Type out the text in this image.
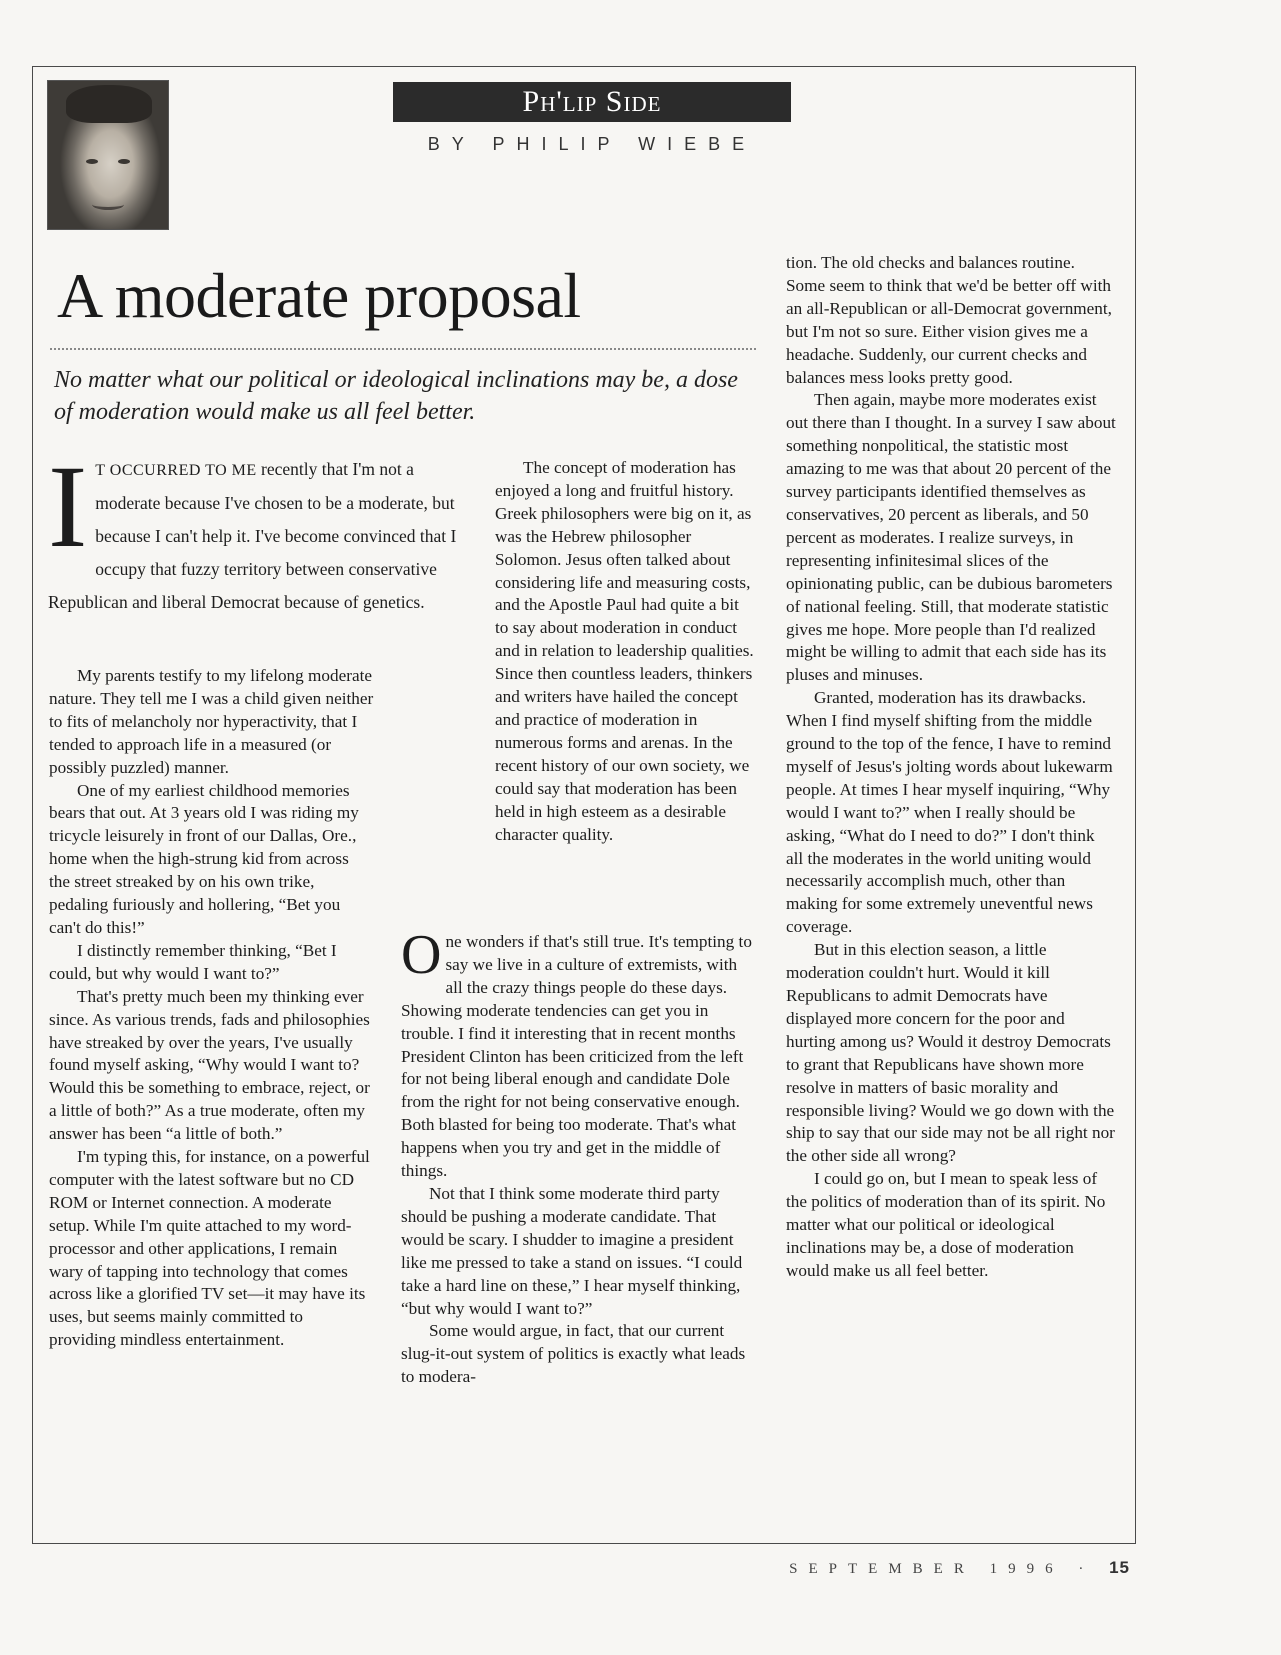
Ph'lip Side
BY PHILIP WIEBE
A moderate proposal
No matter what our political or ideological inclinations may be, a dose of moderation would make us all feel better.
I T OCCURRED TO ME recently that I'm not a moderate because I've chosen to be a moderate, but because I can't help it. I've become convinced that I occupy that fuzzy territory between conservative Republican and liberal Democrat because of genetics.

My parents testify to my lifelong moderate nature. They tell me I was a child given neither to fits of melancholy nor hyperactivity, that I tended to approach life in a measured (or possibly puzzled) manner.

One of my earliest childhood memories bears that out. At 3 years old I was riding my tricycle leisurely in front of our Dallas, Ore., home when the high-strung kid from across the street streaked by on his own trike, pedaling furiously and hollering, “Bet you can't do this!”

I distinctly remember thinking, “Bet I could, but why would I want to?”

That's pretty much been my thinking ever since. As various trends, fads and philosophies have streaked by over the years, I've usually found myself asking, “Why would I want to? Would this be something to embrace, reject, or a little of both?” As a true moderate, often my answer has been “a little of both.”

I'm typing this, for instance, on a powerful computer with the latest software but no CD ROM or Internet connection. A moderate setup. While I'm quite attached to my word-processor and other applications, I remain wary of tapping into technology that comes across like a glorified TV set—it may have its uses, but seems mainly committed to providing mindless entertainment.

The concept of moderation has enjoyed a long and fruitful history. Greek philosophers were big on it, as was the Hebrew philosopher Solomon. Jesus often talked about considering life and measuring costs, and the Apostle Paul had quite a bit to say about moderation in conduct and in relation to leadership qualities. Since then countless leaders, thinkers and writers have hailed the concept and practice of moderation in numerous forms and arenas. In the recent history of our own society, we could say that moderation has been held in high esteem as a desirable character quality.

One wonders if that's still true. It's tempting to say we live in a culture of extremists, with all the crazy things people do these days. Showing moderate tendencies can get you in trouble. I find it interesting that in recent months President Clinton has been criticized from the left for not being liberal enough and candidate Dole from the right for not being conservative enough. Both blasted for being too moderate. That's what happens when you try and get in the middle of things.

Not that I think some moderate third party should be pushing a moderate candidate. That would be scary. I shudder to imagine a president like me pressed to take a stand on issues. “I could take a hard line on these,” I hear myself thinking, “but why would I want to?”

Some would argue, in fact, that our current slug-it-out system of politics is exactly what leads to modera-

tion. The old checks and balances routine. Some seem to think that we'd be better off with an all-Republican or all-Democrat government, but I'm not so sure. Either vision gives me a headache. Suddenly, our current checks and balances mess looks pretty good.

Then again, maybe more moderates exist out there than I thought. In a survey I saw about something nonpolitical, the statistic most amazing to me was that about 20 percent of the survey participants identified themselves as conservatives, 20 percent as liberals, and 50 percent as moderates. I realize surveys, in representing infinitesimal slices of the opinionating public, can be dubious barometers of national feeling. Still, that moderate statistic gives me hope. More people than I'd realized might be willing to admit that each side has its pluses and minuses.

Granted, moderation has its drawbacks. When I find myself shifting from the middle ground to the top of the fence, I have to remind myself of Jesus's jolting words about lukewarm people. At times I hear myself inquiring, “Why would I want to?” when I really should be asking, “What do I need to do?” I don't think all the moderates in the world uniting would necessarily accomplish much, other than making for some extremely uneventful news coverage.

But in this election season, a little moderation couldn't hurt. Would it kill Republicans to admit Democrats have displayed more concern for the poor and hurting among us? Would it destroy Democrats to grant that Republicans have shown more resolve in matters of basic morality and responsible living? Would we go down with the ship to say that our side may not be all right nor the other side all wrong?

I could go on, but I mean to speak less of the politics of moderation than of its spirit. No matter what our political or ideological inclinations may be, a dose of moderation would make us all feel better.

SEPTEMBER 1996 · 15
